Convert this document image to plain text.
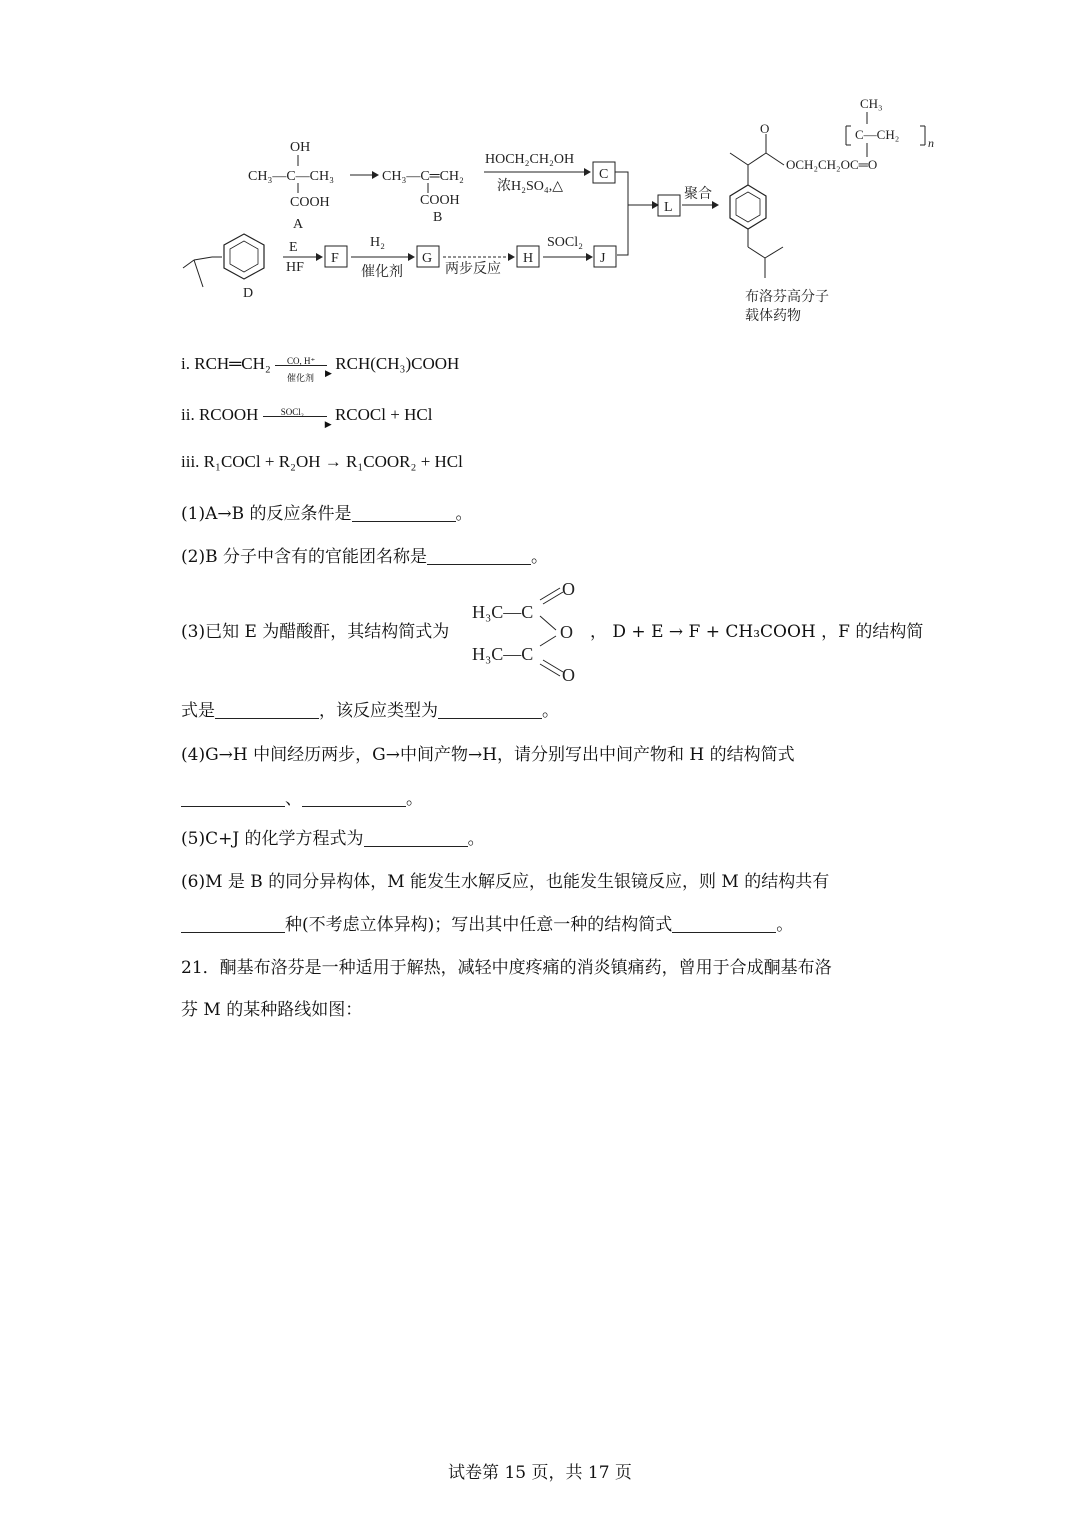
OH
CH₃—C—CH₃
COOH
A
CH₃—C═CH₂
COOH
B
HOCH₂CH₂OH
浓H₂SO₄,△
C
L
聚合
O
OCH₂CH₂OC═O
CH₃
C—CH₂
n
布洛芬高分子
载体药物
D
E
HF
F
H₂
催化剂
G
两步反应
H
SOCl₂
J
i. RCH═CH₂ CO, H⁺
▶
催化剂
RCH(CH₃)COOH
ii. RCOOH SOCl₂
▶
RCOCl + HCl
iii. R₁COCl + R₂OH → R₁COOR₂ + HCl
(1)A→B 的反应条件是	。
(2)B 分子中含有的官能团名称是	。
(3)已知 E 为醋酸酐，其结构简式为
O
H₃C—C
O
H₃C—C
O
， D + E → F + CH₃COOH ，F 的结构简
式是	，该反应类型为	。
(4)G→H 中间经历两步，G→中间产物→H，请分别写出中间产物和 H 的结构简式
、	。
(5)C+J 的化学方程式为	。
(6)M 是 B 的同分异构体，M 能发生水解反应，也能发生银镜反应，则 M 的结构共有
种(不考虑立体异构)；写出其中任意一种的结构简式	。
21．酮基布洛芬是一种适用于解热，减轻中度疼痛的消炎镇痛药，曾用于合成酮基布洛
芬 M 的某种路线如图：
试卷第 15 页，共 17 页
